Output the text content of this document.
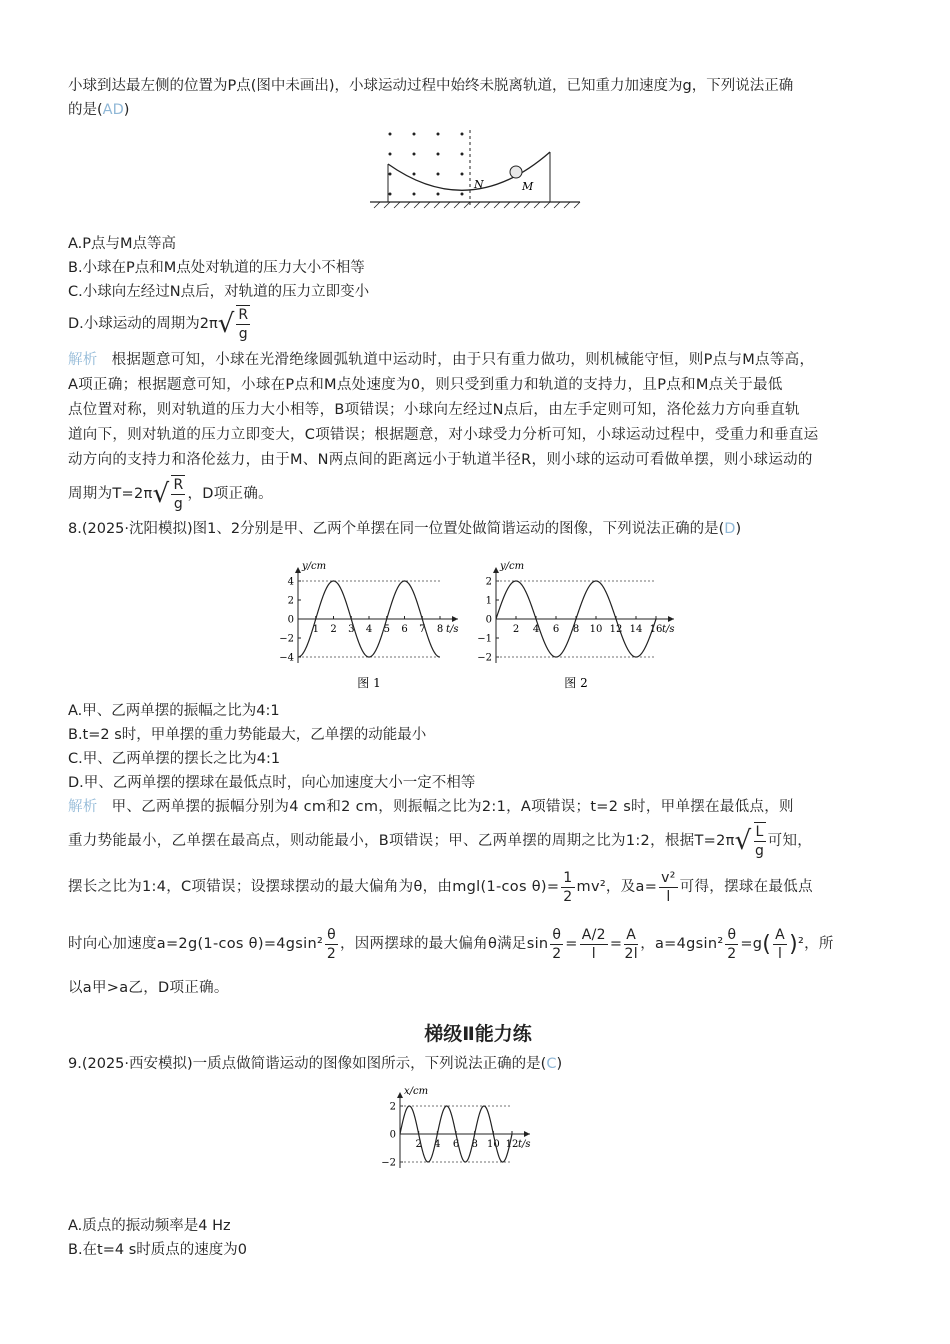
小球到达最左侧的位置为P点(图中未画出)，小球运动过程中始终未脱离轨道，已知重力加速度为g，下列说法正确
的是(AD)
N	M
A.P点与M点等高
B.小球在P点和M点处对轨道的压力大小不相等
C.小球向左经过N点后，对轨道的压力立即变小
D.小球运动的周期为2π √ $\frac{R}{g}$
解析 根据题意可知，小球在光滑绝缘圆弧轨道中运动时，由于只有重力做功，则机械能守恒，则P点与M点等高，
A项正确；根据题意可知，小球在P点和M点处速度为0，则只受到重力和轨道的支持力，且P点和M点关于最低
点位置对称，则对轨道的压力大小相等，B项错误；小球向左经过N点后，由左手定则可知，洛伦兹力方向垂直轨
道向下，则对轨道的压力立即变大，C项错误；根据题意，对小球受力分析可知，小球运动过程中，受重力和垂直运
动方向的支持力和洛伦兹力，由于M、N两点间的距离远小于轨道半径R，则小球的运动可看做单摆，则小球运动的
周期为T=2π √ $\frac{R}{g}$ ，D项正确。
8.(2025·沈阳模拟)图1、2分别是甲、乙两个单摆在同一位置处做简谐运动的图像，下列说法正确的是(D)
y/cm
t/s
−4
−2
0
2
4
1 2 3 4 5 6 7 8
图 1
y/cm
t/s
−2
−1
0
1
2
2 4 6 8 10 12 14 16
图 2
A.甲、乙两单摆的振幅之比为4:1
B.t=2 s时，甲单摆的重力势能最大，乙单摆的动能最小
C.甲、乙两单摆的摆长之比为4:1
D.甲、乙两单摆的摆球在最低点时，向心加速度大小一定不相等
解析 甲、乙两单摆的振幅分别为4 cm和2 cm，则振幅之比为2:1，A项错误；t=2 s时，甲单摆在最低点，则
重力势能最小，乙单摆在最高点，则动能最小，B项错误；甲、乙两单摆的周期之比为1:2，根据T=2π √ $\frac{L}{g}$ 可知，
摆长之比为1:4，C项错误；设摆球摆动的最大偏角为θ，由mgl(1-cos $\theta)= \frac{1}{2} mv^2$，及$a= \frac{\text{v²}}{l}$ 可得，摆球在最低点
时向心加速度a=2g(1-cos $\theta)=4gsin^2 \frac{\theta}{2}$ ，因两摆球的最大偏角θ满足$\sin \frac{\theta}{2} = \frac{A/2}{l} = \frac{A}{2l}$ ，$a=4gsin^2 \frac{\theta}{2} =g$ ( $\frac{A}{l}$ ) ²，所
以a甲>a乙，D项正确。
梯级Ⅱ能力练
9.(2025·西安模拟)一质点做简谐运动的图像如图所示，下列说法正确的是(C)
x/cm
t/s
−2
0
2
2 4 6 8 10 12
A.质点的振动频率是4 Hz
B.在t=4 s时质点的速度为0
